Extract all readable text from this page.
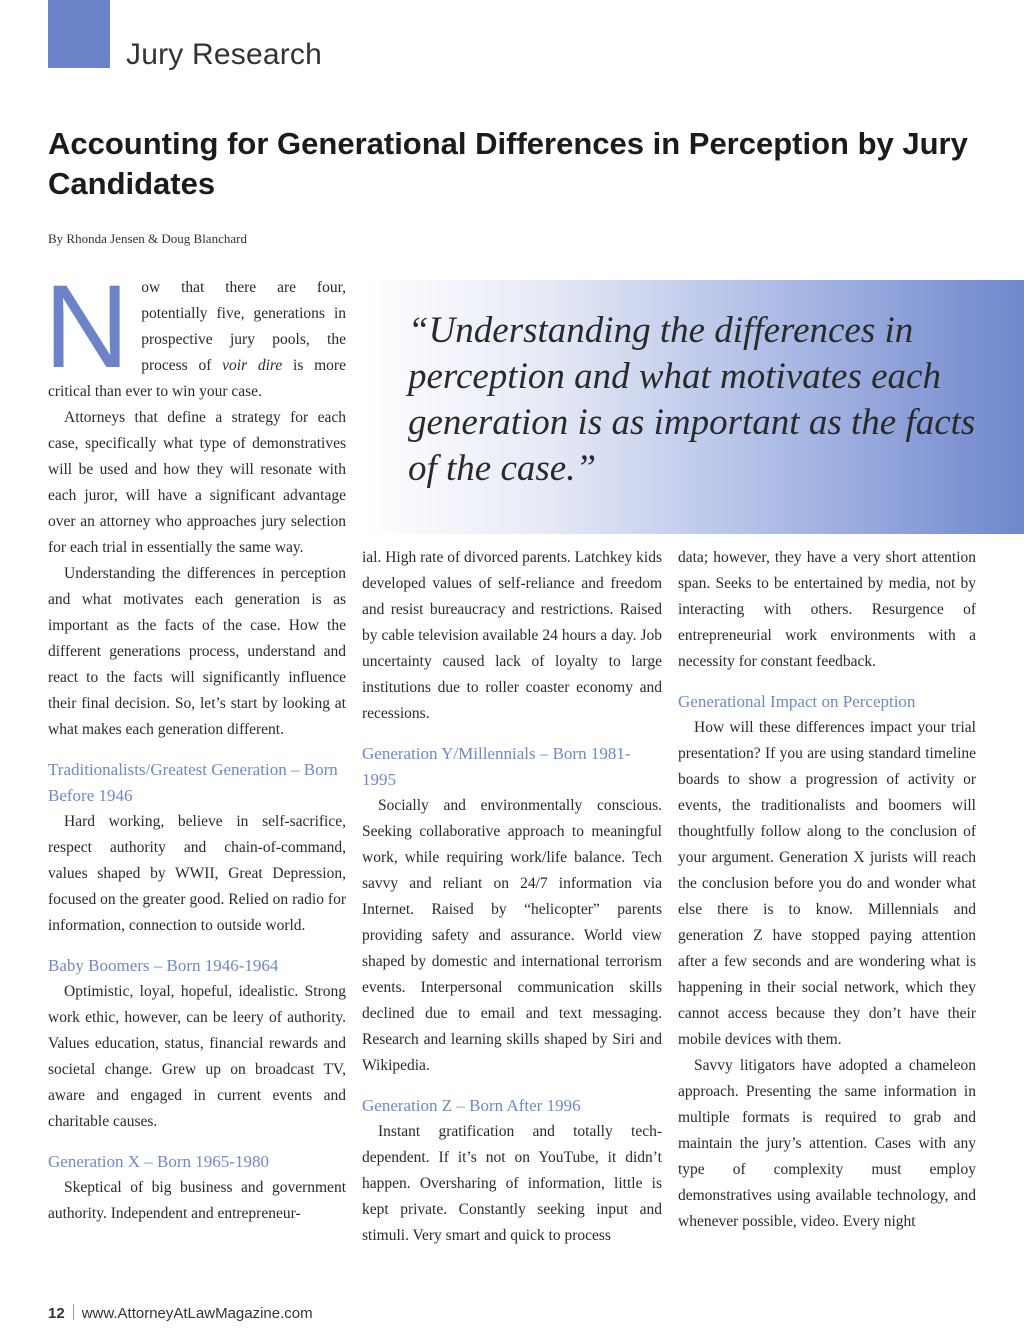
Jury Research
Accounting for Generational Differences in Perception by Jury Candidates
By Rhonda Jensen & Doug Blanchard

“Understanding the differences in perception and what motivates each generation is as important as the facts of the case.”

Now that there are four, potentially five, generations in prospective jury pools, the process of voir dire is more critical than ever to win your case.

Attorneys that define a strategy for each case, specifically what type of demonstratives will be used and how they will resonate with each juror, will have a significant advantage over an attorney who approaches jury selection for each trial in essentially the same way.

Understanding the differences in perception and what motivates each generation is as important as the facts of the case. How the different generations process, understand and react to the facts will significantly influence their final decision. So, let’s start by looking at what makes each generation different.

Traditionalists/Greatest Generation – Born Before 1946

Hard working, believe in self-sacrifice, respect authority and chain-of-command, values shaped by WWII, Great Depression, focused on the greater good. Relied on radio for information, connection to outside world.

Baby Boomers – Born 1946-1964

Optimistic, loyal, hopeful, idealistic. Strong work ethic, however, can be leery of authority. Values education, status, financial rewards and societal change. Grew up on broadcast TV, aware and engaged in current events and charitable causes.

Generation X – Born 1965-1980

Skeptical of big business and government authority. Independent and entrepreneur-

ial. High rate of divorced parents. Latchkey kids developed values of self-reliance and freedom and resist bureaucracy and restrictions. Raised by cable television available 24 hours a day. Job uncertainty caused lack of loyalty to large institutions due to roller coaster economy and recessions.

Generation Y/Millennials – Born 1981-1995

Socially and environmentally conscious. Seeking collaborative approach to meaningful work, while requiring work/life balance. Tech savvy and reliant on 24/7 information via Internet. Raised by “helicopter” parents providing safety and assurance. World view shaped by domestic and international terrorism events. Interpersonal communication skills declined due to email and text messaging. Research and learning skills shaped by Siri and Wikipedia.

Generation Z – Born After 1996

Instant gratification and totally tech-dependent. If it’s not on YouTube, it didn’t happen. Oversharing of information, little is kept private. Constantly seeking input and stimuli. Very smart and quick to process

data; however, they have a very short attention span. Seeks to be entertained by media, not by interacting with others. Resurgence of entrepreneurial work environments with a necessity for constant feedback.

Generational Impact on Perception

How will these differences impact your trial presentation? If you are using standard timeline boards to show a progression of activity or events, the traditionalists and boomers will thoughtfully follow along to the conclusion of your argument. Generation X jurists will reach the conclusion before you do and wonder what else there is to know. Millennials and generation Z have stopped paying attention after a few seconds and are wondering what is happening in their social network, which they cannot access because they don’t have their mobile devices with them.

Savvy litigators have adopted a chameleon approach. Presenting the same information in multiple formats is required to grab and maintain the jury’s attention. Cases with any type of complexity must employ demonstratives using available technology, and whenever possible, video. Every night

12 www.AttorneyAtLawMagazine.com
